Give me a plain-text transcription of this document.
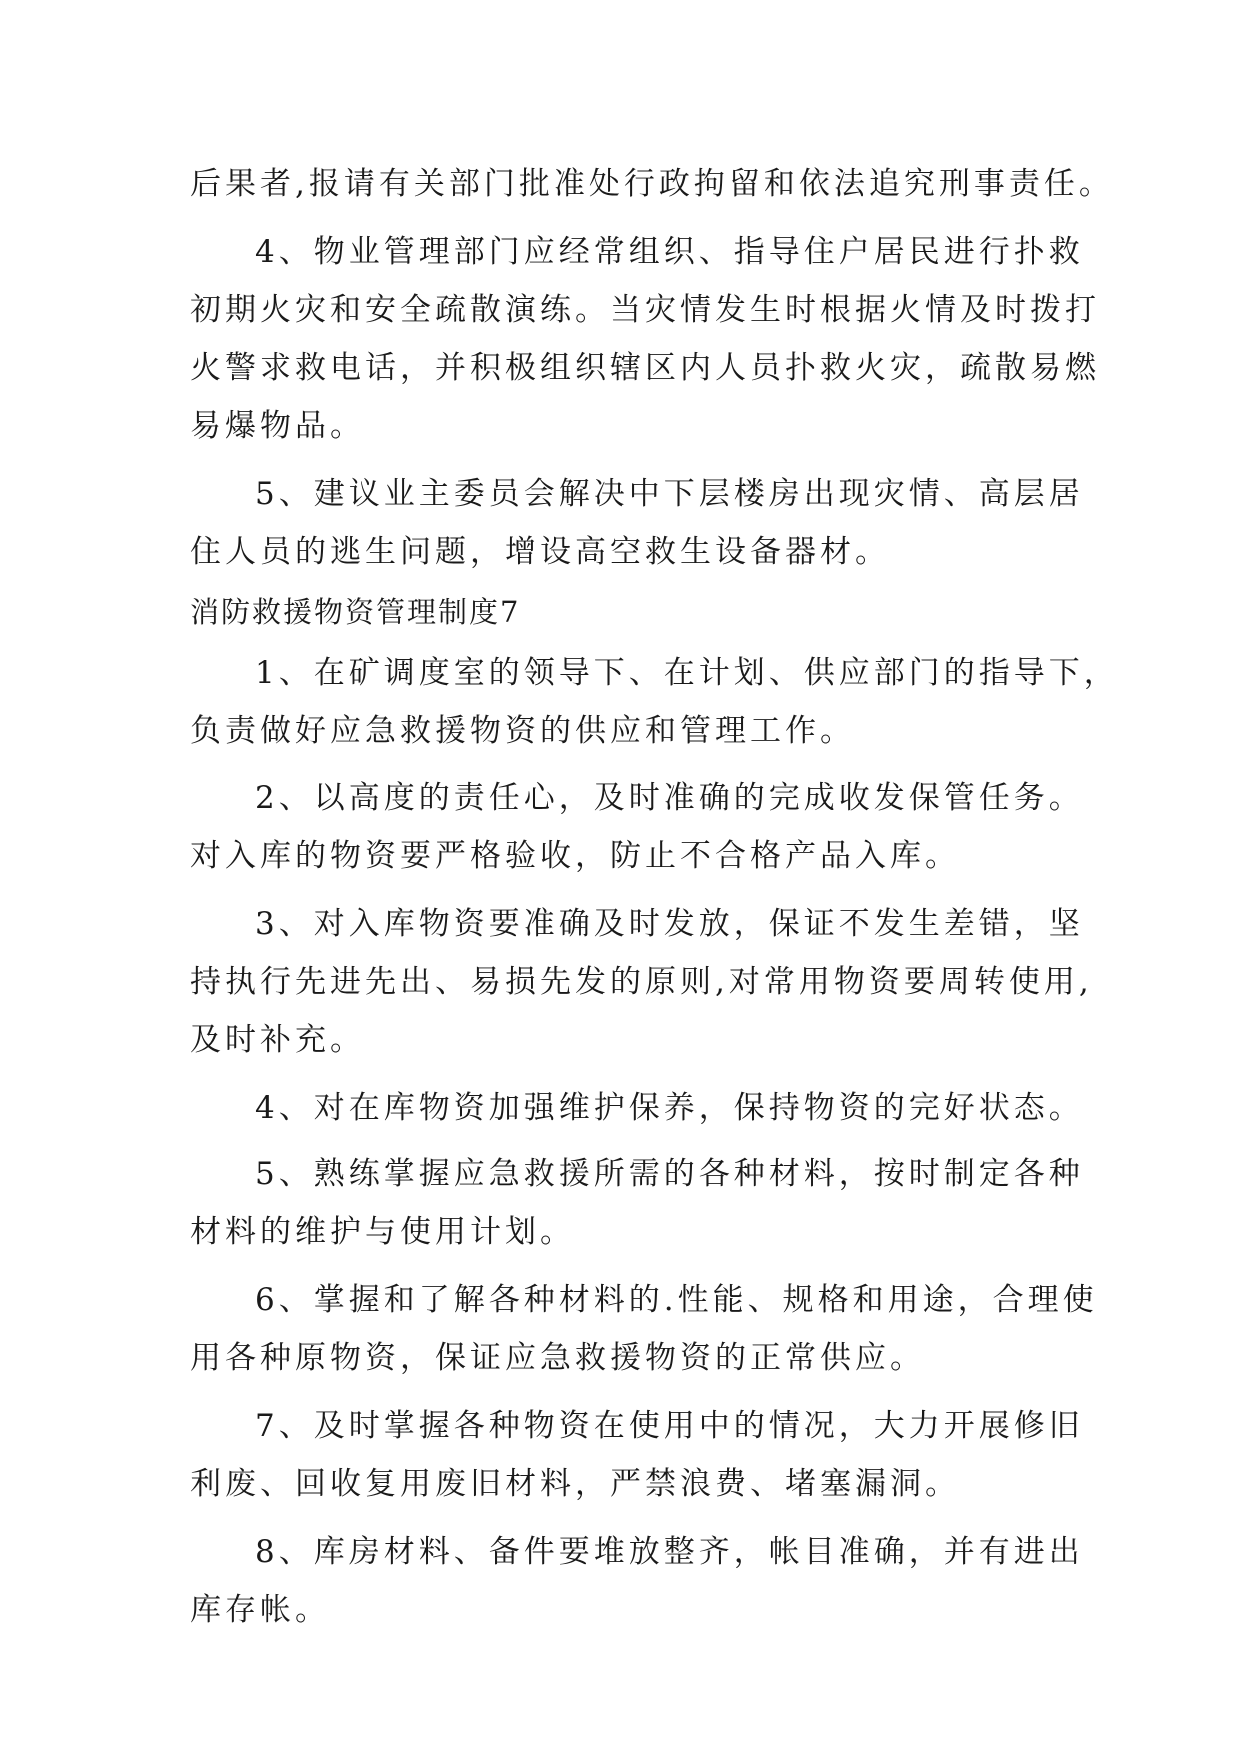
后果者,报请有关部门批准处行政拘留和依法追究刑事责任。
4、物业管理部门应经常组织、指导住户居民进行扑救
初期火灾和安全疏散演练。当灾情发生时根据火情及时拨打
火警求救电话，并积极组织辖区内人员扑救火灾，疏散易燃
易爆物品。
5、建议业主委员会解决中下层楼房出现灾情、高层居
住人员的逃生问题，增设高空救生设备器材。
消防救援物资管理制度7
1、在矿调度室的领导下、在计划、供应部门的指导下，
负责做好应急救援物资的供应和管理工作。
2、以高度的责任心，及时准确的完成收发保管任务。
对入库的物资要严格验收，防止不合格产品入库。
3、对入库物资要准确及时发放，保证不发生差错，坚
持执行先进先出、易损先发的原则,对常用物资要周转使用,
及时补充。
4、对在库物资加强维护保养，保持物资的完好状态。
5、熟练掌握应急救援所需的各种材料，按时制定各种
材料的维护与使用计划。
6、掌握和了解各种材料的.性能、规格和用途，合理使
用各种原物资，保证应急救援物资的正常供应。
7、及时掌握各种物资在使用中的情况，大力开展修旧
利废、回收复用废旧材料，严禁浪费、堵塞漏洞。
8、库房材料、备件要堆放整齐，帐目准确，并有进出
库存帐。
